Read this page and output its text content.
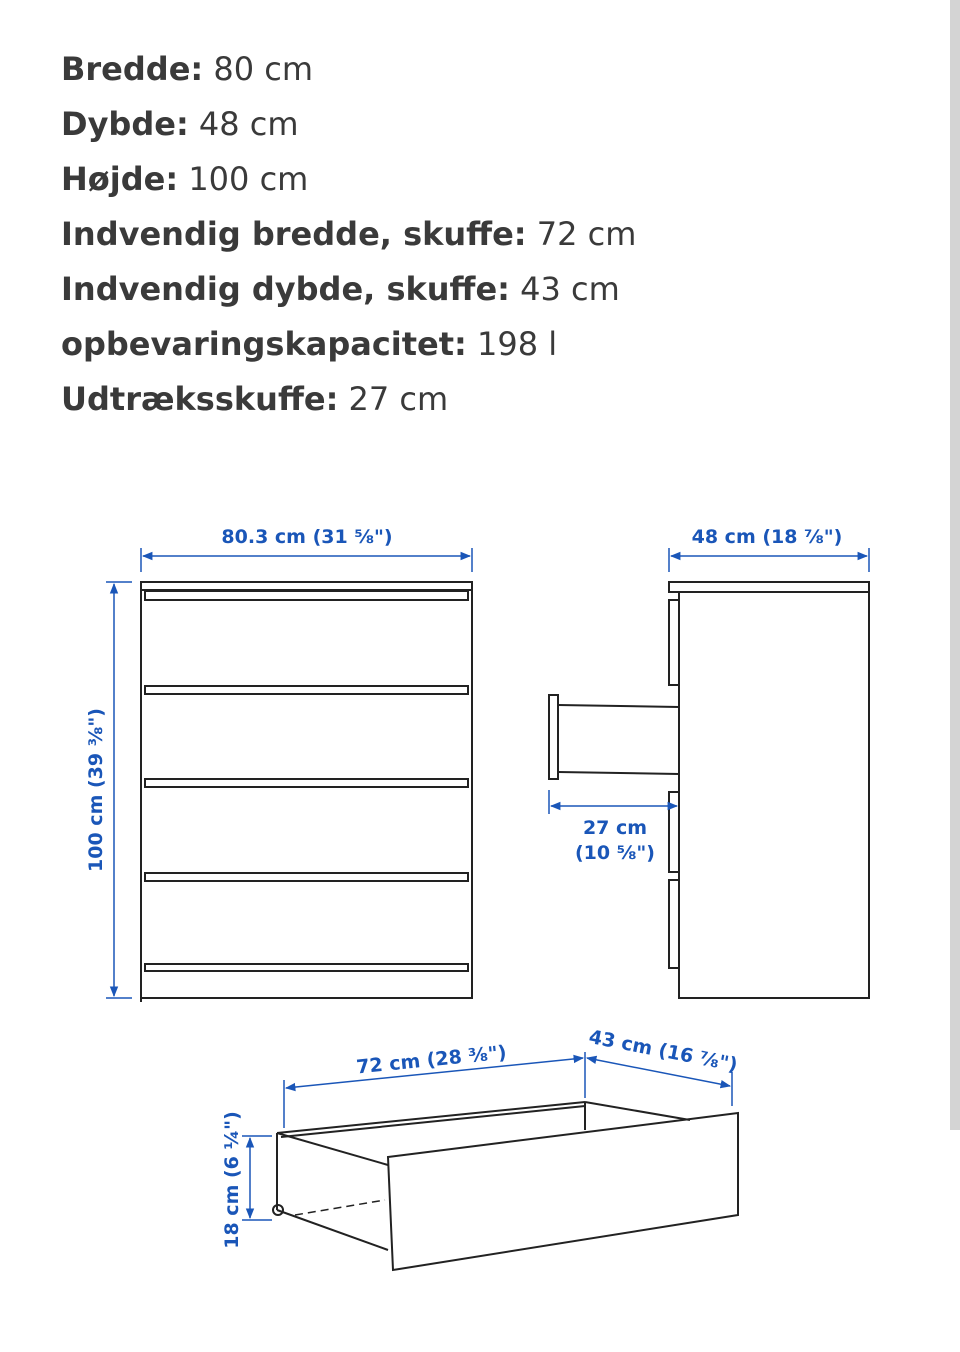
Bredde: 80 cm
Dybde: 48 cm
Højde: 100 cm
Indvendig bredde, skuffe: 72 cm
Indvendig dybde, skuffe: 43 cm
opbevaringskapacitet: 198 l
Udtræksskuffe: 27 cm
80.3 cm (31 ⅝")
100 cm (39 ⅜")
48 cm (18 ⅞")
27 cm
(10 ⅝")
72 cm (28 ⅜")	43 cm (16 ⅞")
18 cm (6 ¼")
